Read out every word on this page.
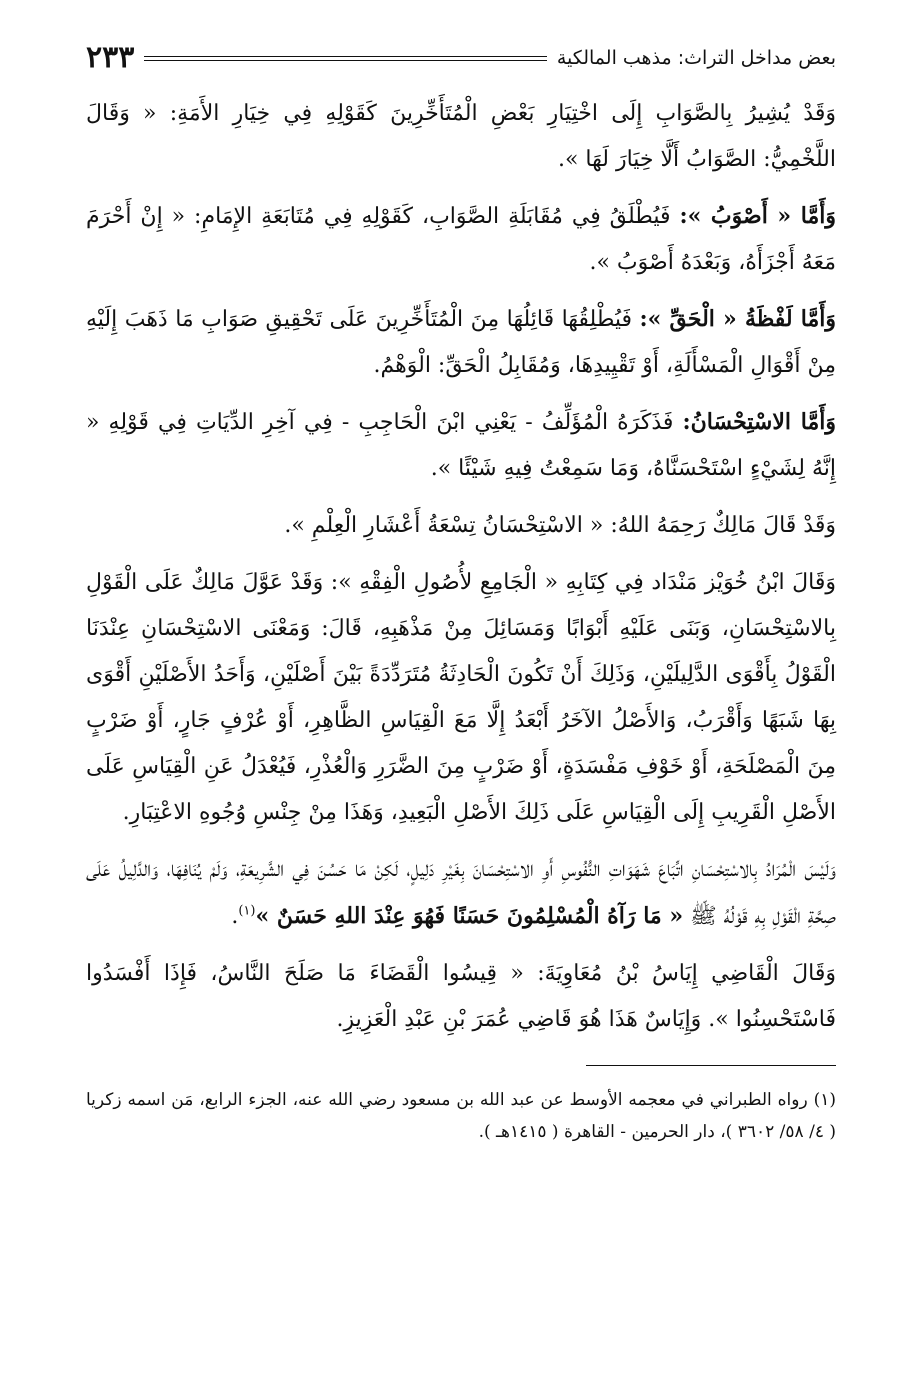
بعض مداخل التراث: مذهب المالكية
٢٣٣

وَقَدْ يُشِيرُ بِالصَّوَابِ إِلَى اخْتِيَارِ بَعْضِ الْمُتَأَخِّرِينَ كَقَوْلِهِ فِي خِيَارِ الأَمَةِ: « وَقَالَ اللَّخْمِيُّ: الصَّوَابُ أَلَّا خِيَارَ لَهَا ».

وَأَمَّا « أَصْوَبُ »: فَيُطْلَقُ فِي مُقَابَلَةِ الصَّوَابِ، كَقَوْلِهِ فِي مُتَابَعَةِ الإِمَامِ: « إِنْ أَحْرَمَ مَعَهُ أَجْزَأَهُ، وَبَعْدَهُ أَصْوَبُ ».

وَأَمَّا لَفْظَةُ « الْحَقِّ »: فَيُطْلِقُهَا قَائِلُهَا مِنَ الْمُتَأَخِّرِينَ عَلَى تَحْقِيقِ صَوَابِ مَا ذَهَبَ إِلَيْهِ مِنْ أَقْوَالِ الْمَسْأَلَةِ، أَوْ تَقْيِيدِهَا، وَمُقَابِلُ الْحَقِّ: الْوَهْمُ.

وَأَمَّا الاسْتِحْسَانُ: فَذَكَرَهُ الْمُؤَلِّفُ - يَعْنِي ابْنَ الْحَاجِبِ - فِي آخِرِ الدِّيَاتِ فِي قَوْلِهِ « إِنَّهُ لِشَيْءٍ اسْتَحْسَنَّاهُ، وَمَا سَمِعْتُ فِيهِ شَيْئًا ».

وَقَدْ قَالَ مَالِكٌ رَحِمَهُ اللهُ: « الاسْتِحْسَانُ تِسْعَةُ أَعْشَارِ الْعِلْمِ ».

وَقَالَ ابْنُ خُوَيْز مَنْدَاد فِي كِتَابِهِ « الْجَامِعِ لأُصُولِ الْفِقْهِ »: وَقَدْ عَوَّلَ مَالِكٌ عَلَى الْقَوْلِ بِالاسْتِحْسَانِ، وَبَنَى عَلَيْهِ أَبْوَابًا وَمَسَائِلَ مِنْ مَذْهَبِهِ، قَالَ: وَمَعْنَى الاسْتِحْسَانِ عِنْدَنَا الْقَوْلُ بِأَقْوَى الدَّلِيلَيْنِ، وَذَلِكَ أَنْ تَكُونَ الْحَادِثَةُ مُتَرَدِّدَةً بَيْنَ أَصْلَيْنِ، وَأَحَدُ الأَصْلَيْنِ أَقْوَى بِهَا شَبَهًا وَأَقْرَبُ، وَالأَصْلُ الآخَرُ أَبْعَدُ إِلَّا مَعَ الْقِيَاسِ الظَّاهِرِ، أَوْ عُرْفٍ جَارٍ، أَوْ ضَرْبٍ مِنَ الْمَصْلَحَةِ، أَوْ خَوْفِ مَفْسَدَةٍ، أَوْ ضَرْبٍ مِنَ الضَّرَرِ وَالْعُذْرِ، فَيُعْدَلُ عَنِ الْقِيَاسِ عَلَى الأَصْلِ الْقَرِيبِ إِلَى الْقِيَاسِ عَلَى ذَلِكَ الأَصْلِ الْبَعِيدِ، وَهَذَا مِنْ جِنْسِ وُجُوهِ الاعْتِبَارِ.

وَلَيْسَ الْمُرَادُ بِالاسْتِحْسَانِ اتِّبَاعَ شَهَوَاتِ النُّفُوسِ أَوِ الاسْتِحْسَانَ بِغَيْرِ دَلِيلٍ، لَكِنْ مَا حَسُنَ فِي الشَّرِيعَةِ، وَلَمْ يُنَافِهَا، وَالدَّلِيلُ عَلَى صِحَّةِ الْقَوْلِ بِهِ قَوْلُهُ ﷺ « مَا رَآهُ الْمُسْلِمُونَ حَسَنًا فَهُوَ عِنْدَ اللهِ حَسَنٌ »$^{(١)}$.

وَقَالَ الْقَاضِي إِيَاسُ بْنُ مُعَاوِيَةَ: « قِيسُوا الْقَضَاءَ مَا صَلَحَ النَّاسُ، فَإِذَا أَفْسَدُوا فَاسْتَحْسِنُوا ». وَإِيَاسٌ هَذَا هُوَ قَاضِي عُمَرَ بْنِ عَبْدِ الْعَزِيزِ.

(١) رواه الطبراني في معجمه الأوسط عن عبد الله بن مسعود رضي الله عنه، الجزء الرابع، مَن اسمه زكريا ( ٤/ ٥٨/ ٣٦٠٢ )، دار الحرمين - القاهرة ( ١٤١٥هـ ).
